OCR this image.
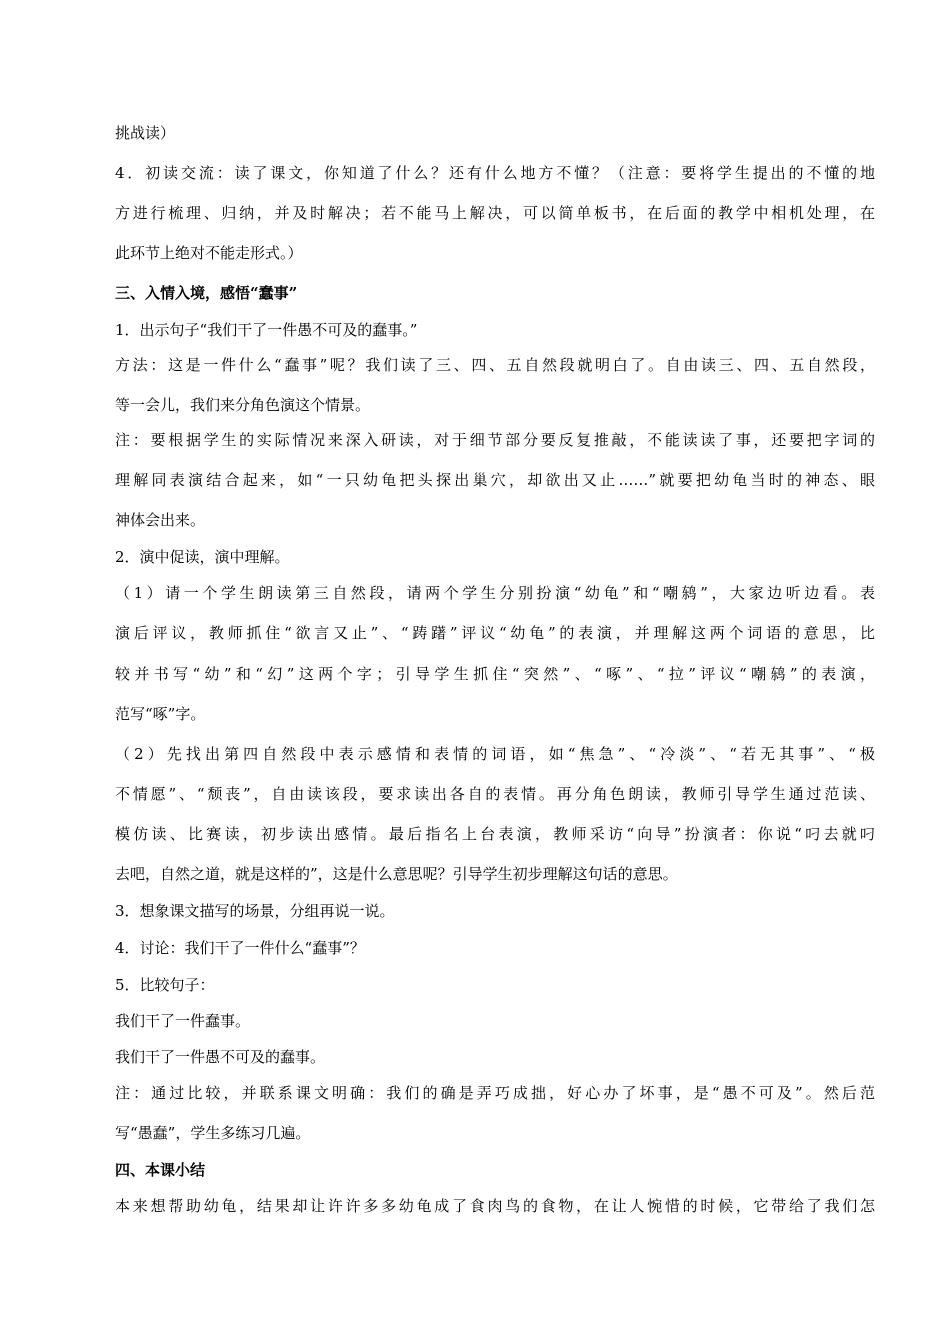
挑战读）
4．初读交流：读了课文，你知道了什么？还有什么地方不懂？（注意：要将学生提出的不懂的地
方进行梳理、归纳，并及时解决；若不能马上解决，可以简单板书，在后面的教学中相机处理，在
此环节上绝对不能走形式。）
三、入情入境，感悟“蠢事”
1．出示句子“我们干了一件愚不可及的蠢事。”
方法：这是一件什么“蠢事”呢？我们读了三、四、五自然段就明白了。自由读三、四、五自然段，
等一会儿，我们来分角色演这个情景。
注：要根据学生的实际情况来深入研读，对于细节部分要反复推敲，不能读读了事，还要把字词的
理解同表演结合起来，如“一只幼龟把头探出巢穴，却欲出又止……”就要把幼龟当时的神态、眼
神体会出来。
2．演中促读，演中理解。
（1）请一个学生朗读第三自然段，请两个学生分别扮演“幼龟”和“嘲鸫”，大家边听边看。表
演后评议，教师抓住“欲言又止”、“踌躇”评议“幼龟”的表演，并理解这两个词语的意思，比
较并书写“幼”和“幻”这两个字；引导学生抓住“突然”、“啄”、“拉”评议“嘲鸫”的表演，
范写“啄”字。
（2）先找出第四自然段中表示感情和表情的词语，如“焦急”、“冷淡”、“若无其事”、“极
不情愿”、“颓丧”，自由读该段，要求读出各自的表情。再分角色朗读，教师引导学生通过范读、
模仿读、比赛读，初步读出感情。最后指名上台表演，教师采访“向导”扮演者：你说“叼去就叼
去吧，自然之道，就是这样的”，这是什么意思呢？引导学生初步理解这句话的意思。
3．想象课文描写的场景，分组再说一说。
4．讨论：我们干了一件什么“蠢事”？
5．比较句子：
我们干了一件蠢事。
我们干了一件愚不可及的蠢事。
注：通过比较，并联系课文明确：我们的确是弄巧成拙，好心办了坏事，是“愚不可及”。然后范
写“愚蠢”，学生多练习几遍。
四、本课小结
本来想帮助幼龟，结果却让许许多多幼龟成了食肉鸟的食物，在让人惋惜的时候，它带给了我们怎
